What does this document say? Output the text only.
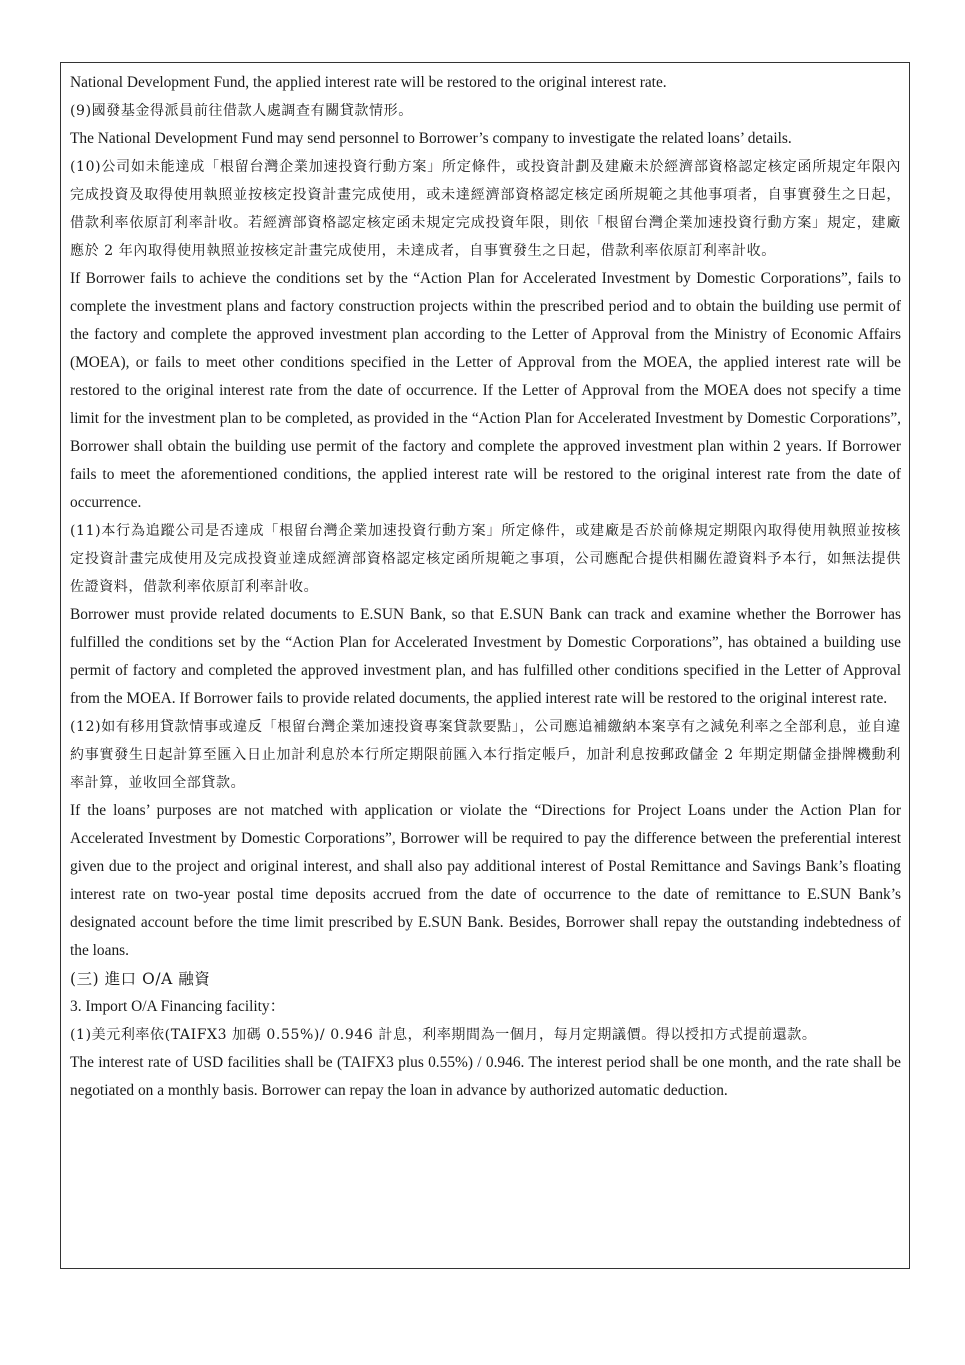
National Development Fund, the applied interest rate will be restored to the original interest rate.

(9)國發基金得派員前往借款人處調查有關貸款情形。

The National Development Fund may send personnel to Borrower’s company to investigate the related loans’ details.

(10)公司如未能達成「根留台灣企業加速投資行動方案」所定條件，或投資計劃及建廠未於經濟部資格認定核定函所規定年限內完成投資及取得使用執照並按核定投資計畫完成使用，或未達經濟部資格認定核定函所規範之其他事項者，自事實發生之日起，借款利率依原訂利率計收。若經濟部資格認定核定函未規定完成投資年限，則依「根留台灣企業加速投資行動方案」規定，建廠應於 2 年內取得使用執照並按核定計畫完成使用，未達成者，自事實發生之日起，借款利率依原訂利率計收。

If Borrower fails to achieve the conditions set by the “Action Plan for Accelerated Investment by Domestic Corporations”, fails to complete the investment plans and factory construction projects within the prescribed period and to obtain the building use permit of the factory and complete the approved investment plan according to the Letter of Approval from the Ministry of Economic Affairs (MOEA), or fails to meet other conditions specified in the Letter of Approval from the MOEA, the applied interest rate will be restored to the original interest rate from the date of occurrence. If the Letter of Approval from the MOEA does not specify a time limit for the investment plan to be completed, as provided in the “Action Plan for Accelerated Investment by Domestic Corporations”, Borrower shall obtain the building use permit of the factory and complete the approved investment plan within 2 years. If Borrower fails to meet the aforementioned conditions, the applied interest rate will be restored to the original interest rate from the date of occurrence.

(11)本行為追蹤公司是否達成「根留台灣企業加速投資行動方案」所定條件，或建廠是否於前條規定期限內取得使用執照並按核定投資計畫完成使用及完成投資並達成經濟部資格認定核定函所規範之事項，公司應配合提供相關佐證資料予本行，如無法提供佐證資料，借款利率依原訂利率計收。

Borrower must provide related documents to E.SUN Bank, so that E.SUN Bank can track and examine whether the Borrower has fulfilled the conditions set by the “Action Plan for Accelerated Investment by Domestic Corporations”, has obtained a building use permit of factory and completed the approved investment plan, and has fulfilled other conditions specified in the Letter of Approval from the MOEA. If Borrower fails to provide related documents, the applied interest rate will be restored to the original interest rate.

(12)如有移用貸款情事或違反「根留台灣企業加速投資專案貸款要點」，公司應追補繳納本案享有之減免利率之全部利息，並自違約事實發生日起計算至匯入日止加計利息於本行所定期限前匯入本行指定帳戶，加計利息按郵政儲金 2 年期定期儲金掛牌機動利率計算，並收回全部貸款。

If the loans’ purposes are not matched with application or violate the “Directions for Project Loans under the Action Plan for Accelerated Investment by Domestic Corporations”, Borrower will be required to pay the difference between the preferential interest given due to the project and original interest, and shall also pay additional interest of Postal Remittance and Savings Bank’s floating interest rate on two-year postal time deposits accrued from the date of occurrence to the date of remittance to E.SUN Bank’s designated account before the time limit prescribed by E.SUN Bank. Besides, Borrower shall repay the outstanding indebtedness of the loans.

(三) 進口 O/A 融資

3. Import O/A Financing facility：

(1)美元利率依(TAIFX3 加碼 0.55%)/ 0.946 計息，利率期間為一個月，每月定期議價。得以授扣方式提前還款。

The interest rate of USD facilities shall be (TAIFX3 plus 0.55%) / 0.946. The interest period shall be one month, and the rate shall be negotiated on a monthly basis. Borrower can repay the loan in advance by authorized automatic deduction.
